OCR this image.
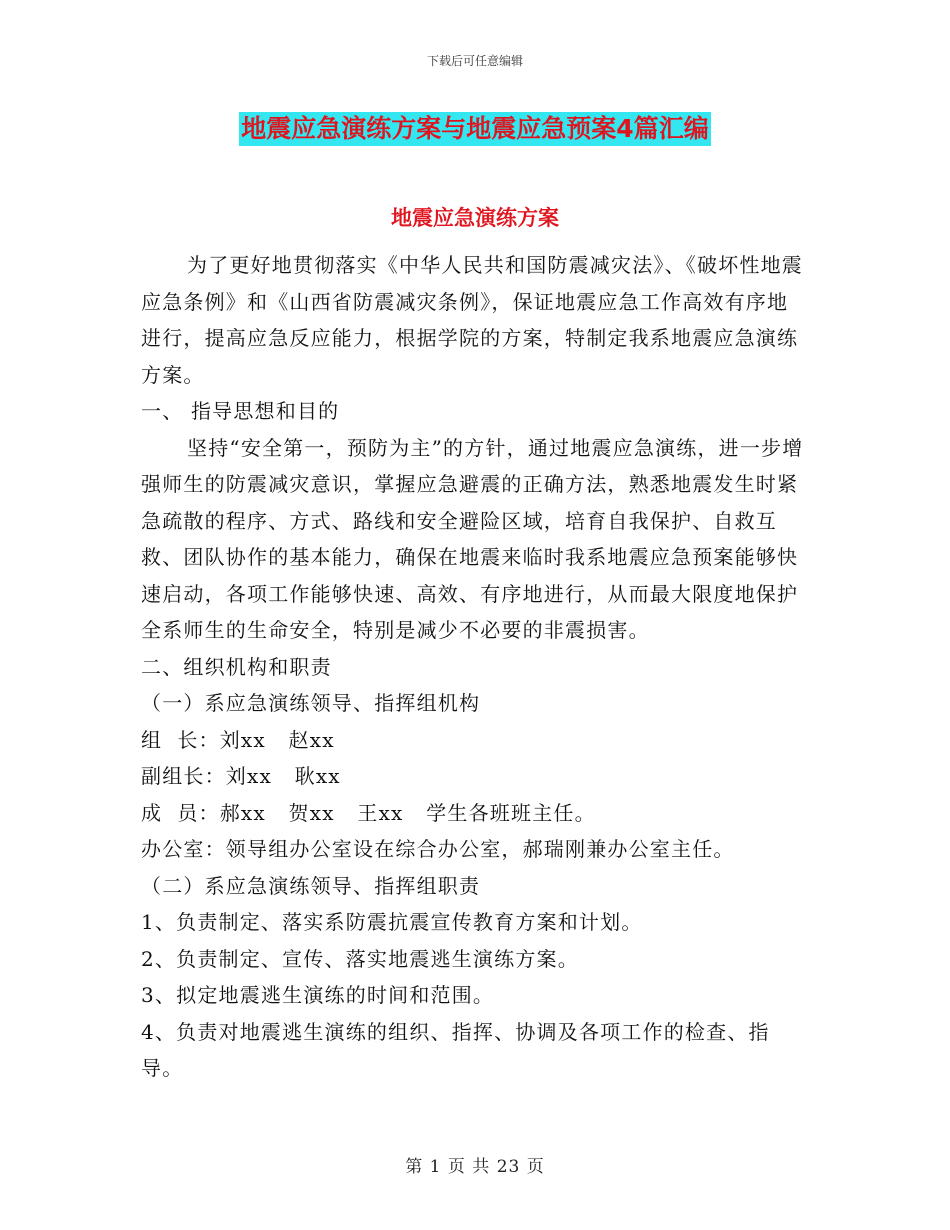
下载后可任意编辑
地震应急演练方案与地震应急预案4篇汇编
地震应急演练方案

为了更好地贯彻落实《中华人民共和国防震减灾法》、《破坏性地震应急条例》和《山西省防震减灾条例》，保证地震应急工作高效有序地进行，提高应急反应能力，根据学院的方案，特制定我系地震应急演练方案。

一、 指导思想和目的

坚持“安全第一，预防为主”的方针，通过地震应急演练，进一步增强师生的防震减灾意识，掌握应急避震的正确方法，熟悉地震发生时紧急疏散的程序、方式、路线和安全避险区域，培育自我保护、自救互救、团队协作的基本能力，确保在地震来临时我系地震应急预案能够快速启动，各项工作能够快速、高效、有序地进行，从而最大限度地保护全系师生的生命安全，特别是减少不必要的非震损害。

二、组织机构和职责

（一）系应急演练领导、指挥组机构

组  长：刘xx   赵xx

副组长：刘xx   耿xx

成  员：郝xx   贺xx   王xx   学生各班班主任。

办公室：领导组办公室设在综合办公室，郝瑞刚兼办公室主任。

（二）系应急演练领导、指挥组职责

1、负责制定、落实系防震抗震宣传教育方案和计划。

2、负责制定、宣传、落实地震逃生演练方案。

3、拟定地震逃生演练的时间和范围。

4、负责对地震逃生演练的组织、指挥、协调及各项工作的检查、指导。

第 1 页 共 23 页
